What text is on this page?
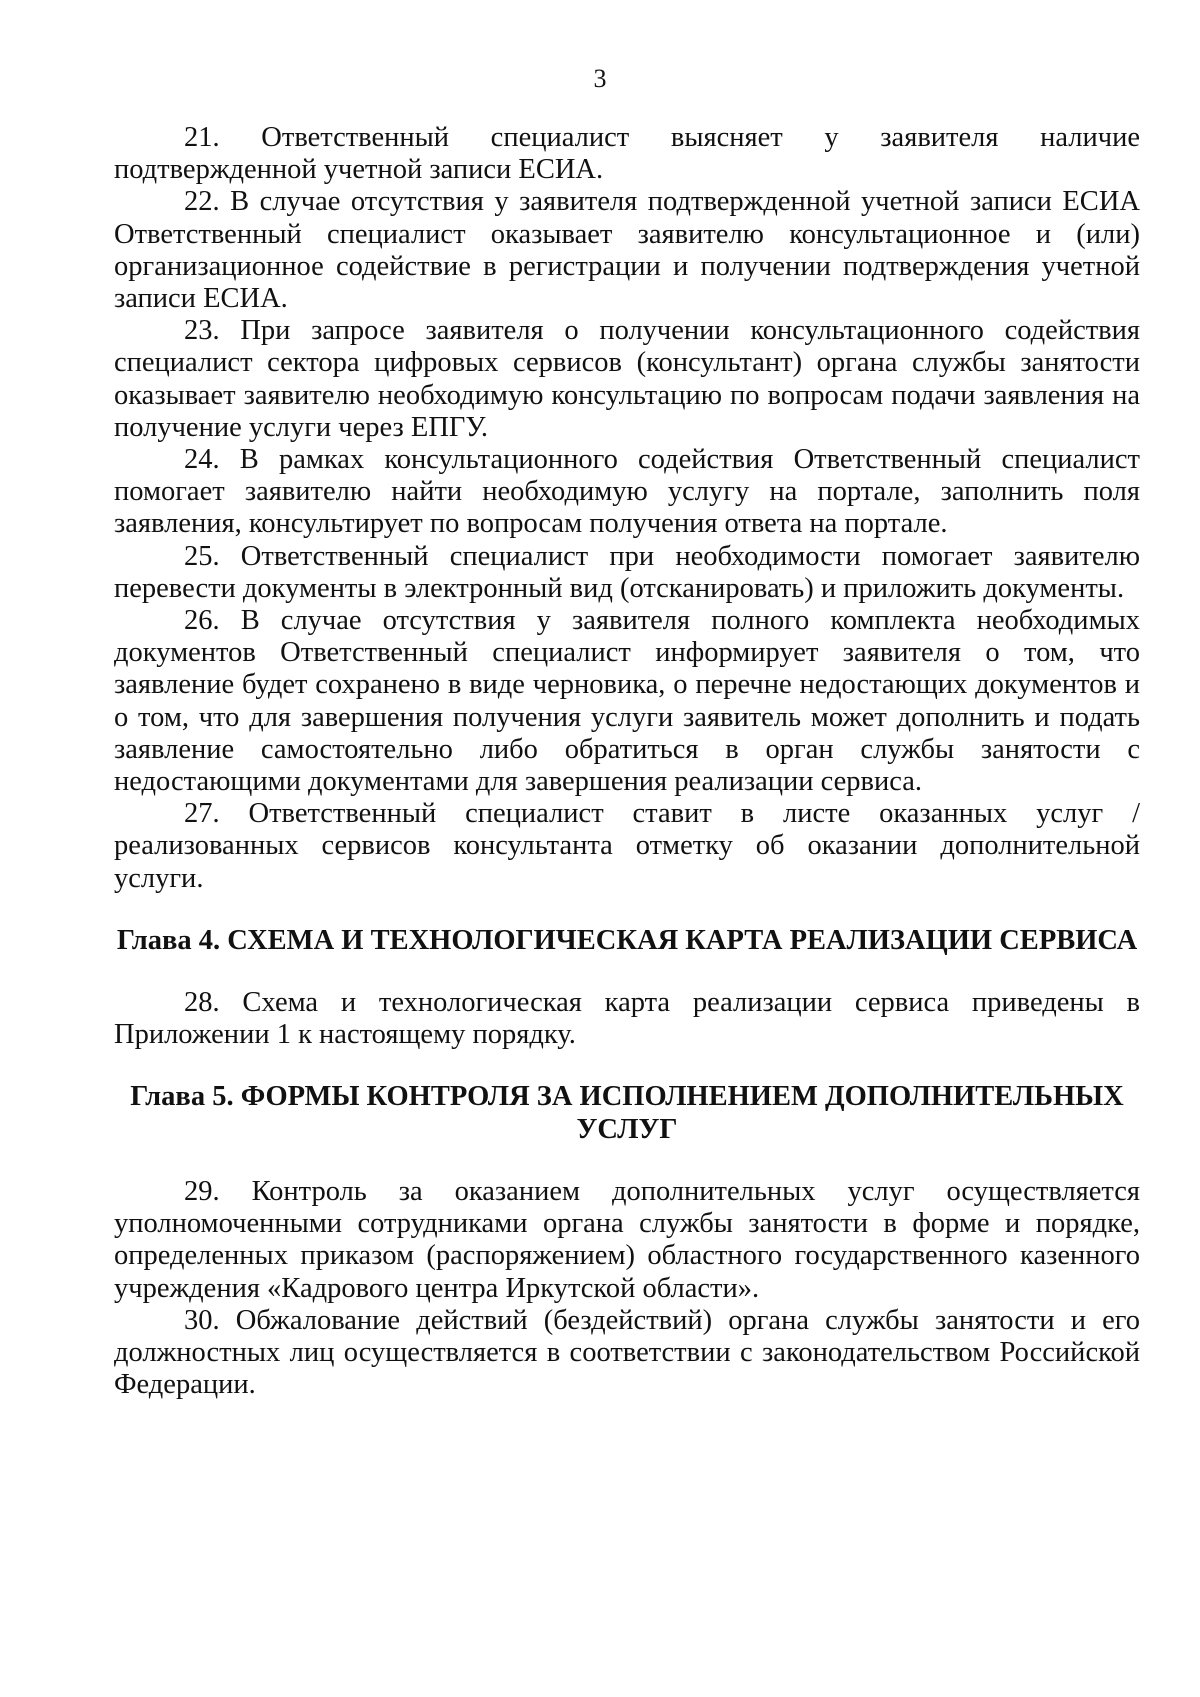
3

21. Ответственный специалист выясняет у заявителя наличие подтвержденной учетной записи ЕСИА.

22. В случае отсутствия у заявителя подтвержденной учетной записи ЕСИА Ответственный специалист оказывает заявителю консультационное и (или) организационное содействие в регистрации и получении подтверждения учетной записи ЕСИА.

23. При запросе заявителя о получении консультационного содействия специалист сектора цифровых сервисов (консультант) органа службы занятости оказывает заявителю необходимую консультацию по вопросам подачи заявления на получение услуги через ЕПГУ.

24. В рамках консультационного содействия Ответственный специалист помогает заявителю найти необходимую услугу на портале, заполнить поля заявления, консультирует по вопросам получения ответа на портале.

25. Ответственный специалист при необходимости помогает заявителю перевести документы в электронный вид (отсканировать) и приложить документы.

26. В случае отсутствия у заявителя полного комплекта необходимых документов Ответственный специалист информирует заявителя о том, что заявление будет сохранено в виде черновика, о перечне недостающих документов и о том, что для завершения получения услуги заявитель может дополнить и подать заявление самостоятельно либо обратиться в орган службы занятости с недостающими документами для завершения реализации сервиса.

27. Ответственный специалист ставит в листе оказанных услуг / реализованных сервисов консультанта отметку об оказании дополнительной услуги.

Глава 4. СХЕМА И ТЕХНОЛОГИЧЕСКАЯ КАРТА РЕАЛИЗАЦИИ СЕРВИСА

28. Схема и технологическая карта реализации сервиса приведены в Приложении 1 к настоящему порядку.

Глава 5. ФОРМЫ КОНТРОЛЯ ЗА ИСПОЛНЕНИЕМ ДОПОЛНИТЕЛЬНЫХ УСЛУГ

29. Контроль за оказанием дополнительных услуг осуществляется уполномоченными сотрудниками органа службы занятости в форме и порядке, определенных приказом (распоряжением) областного государственного казенного учреждения «Кадрового центра Иркутской области».

30. Обжалование действий (бездействий) органа службы занятости и его должностных лиц осуществляется в соответствии с законодательством Российской Федерации.
